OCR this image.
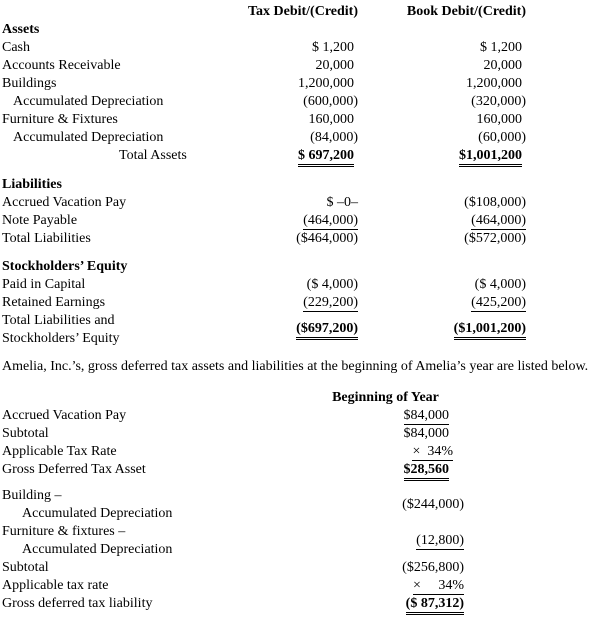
Tax Debit/(Credit)	Book Debit/(Credit)
Assets
Cash	$ 1,200	$ 1,200
Accounts Receivable	20,000	20,000
Buildings	1,200,000	1,200,000
Accumulated Depreciation	(600,000)	(320,000)
Furniture & Fixtures	160,000	160,000
Accumulated Depreciation	(84,000)	(60,000)
Total Assets	$ 697,200	$1,001,200
Liabilities
Accrued Vacation Pay	$ –0–	($108,000)
Note Payable	(464,000)	(464,000)
Total Liabilities	($464,000)	($572,000)
Stockholders’ Equity
Paid in Capital	($ 4,000)	($ 4,000)
Retained Earnings	(229,200)	(425,200)
Total Liabilities and
Stockholders’ Equity
($697,200)	($1,001,200)

Amelia, Inc.’s, gross deferred tax assets and liabilities at the beginning of Amelia’s year are listed below.

Beginning of Year
Accrued Vacation Pay	$84,000
Subtotal	$84,000
Applicable Tax Rate	×  34%
Gross Deferred Tax Asset	$28,560
Building –
Accumulated Depreciation
($244,000)
Furniture & fixtures –
Accumulated Depreciation
(12,800)
Subtotal	($256,800)
Applicable tax rate	×     34%
Gross deferred tax liability	($ 87,312)
